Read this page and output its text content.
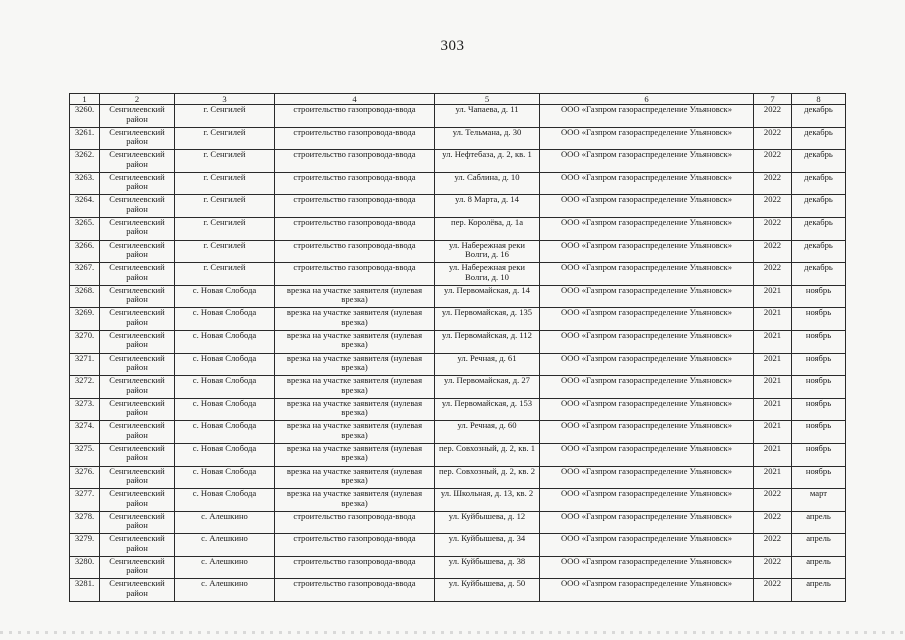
303
1	2	3	4	5	6	7	8
3260.	Сенгилеевский район	г. Сенгилей	строительство газопровода-ввода	ул. Чапаева, д. 11	ООО «Газпром газораспределение Ульяновск»	2022	декабрь
3261.	Сенгилеевский район	г. Сенгилей	строительство газопровода-ввода	ул. Тельмана, д. 30	ООО «Газпром газораспределение Ульяновск»	2022	декабрь
3262.	Сенгилеевский район	г. Сенгилей	строительство газопровода-ввода	ул. Нефтебаза, д. 2, кв. 1	ООО «Газпром газораспределение Ульяновск»	2022	декабрь
3263.	Сенгилеевский район	г. Сенгилей	строительство газопровода-ввода	ул. Саблина, д. 10	ООО «Газпром газораспределение Ульяновск»	2022	декабрь
3264.	Сенгилеевский район	г. Сенгилей	строительство газопровода-ввода	ул. 8 Марта, д. 14	ООО «Газпром газораспределение Ульяновск»	2022	декабрь
3265.	Сенгилеевский район	г. Сенгилей	строительство газопровода-ввода	пер. Королёва, д. 1а	ООО «Газпром газораспределение Ульяновск»	2022	декабрь
3266.	Сенгилеевский район	г. Сенгилей	строительство газопровода-ввода	ул. Набережная реки Волги, д. 16	ООО «Газпром газораспределение Ульяновск»	2022	декабрь
3267.	Сенгилеевский район	г. Сенгилей	строительство газопровода-ввода	ул. Набережная реки Волги, д. 10	ООО «Газпром газораспределение Ульяновск»	2022	декабрь
3268.	Сенгилеевский район	с. Новая Слобода	врезка на участке заявителя (нулевая врезка)	ул. Первомайская, д. 14	ООО «Газпром газораспределение Ульяновск»	2021	ноябрь
3269.	Сенгилеевский район	с. Новая Слобода	врезка на участке заявителя (нулевая врезка)	ул. Первомайская, д. 135	ООО «Газпром газораспределение Ульяновск»	2021	ноябрь
3270.	Сенгилеевский район	с. Новая Слобода	врезка на участке заявителя (нулевая врезка)	ул. Первомайская, д. 112	ООО «Газпром газораспределение Ульяновск»	2021	ноябрь
3271.	Сенгилеевский район	с. Новая Слобода	врезка на участке заявителя (нулевая врезка)	ул. Речная, д. 61	ООО «Газпром газораспределение Ульяновск»	2021	ноябрь
3272.	Сенгилеевский район	с. Новая Слобода	врезка на участке заявителя (нулевая врезка)	ул. Первомайская, д. 27	ООО «Газпром газораспределение Ульяновск»	2021	ноябрь
3273.	Сенгилеевский район	с. Новая Слобода	врезка на участке заявителя (нулевая врезка)	ул. Первомайская, д. 153	ООО «Газпром газораспределение Ульяновск»	2021	ноябрь
3274.	Сенгилеевский район	с. Новая Слобода	врезка на участке заявителя (нулевая врезка)	ул. Речная, д. 60	ООО «Газпром газораспределение Ульяновск»	2021	ноябрь
3275.	Сенгилеевский район	с. Новая Слобода	врезка на участке заявителя (нулевая врезка)	пер. Совхозный, д. 2, кв. 1	ООО «Газпром газораспределение Ульяновск»	2021	ноябрь
3276.	Сенгилеевский район	с. Новая Слобода	врезка на участке заявителя (нулевая врезка)	пер. Совхозный, д. 2, кв. 2	ООО «Газпром газораспределение Ульяновск»	2021	ноябрь
3277.	Сенгилеевский район	с. Новая Слобода	врезка на участке заявителя (нулевая врезка)	ул. Школьная, д. 13, кв. 2	ООО «Газпром газораспределение Ульяновск»	2022	март
3278.	Сенгилеевский район	с. Алешкино	строительство газопровода-ввода	ул. Куйбышева, д. 12	ООО «Газпром газораспределение Ульяновск»	2022	апрель
3279.	Сенгилеевский район	с. Алешкино	строительство газопровода-ввода	ул. Куйбышева, д. 34	ООО «Газпром газораспределение Ульяновск»	2022	апрель
3280.	Сенгилеевский район	с. Алешкино	строительство газопровода-ввода	ул. Куйбышева, д. 38	ООО «Газпром газораспределение Ульяновск»	2022	апрель
3281.	Сенгилеевский район	с. Алешкино	строительство газопровода-ввода	ул. Куйбышева, д. 50	ООО «Газпром газораспределение Ульяновск»	2022	апрель
